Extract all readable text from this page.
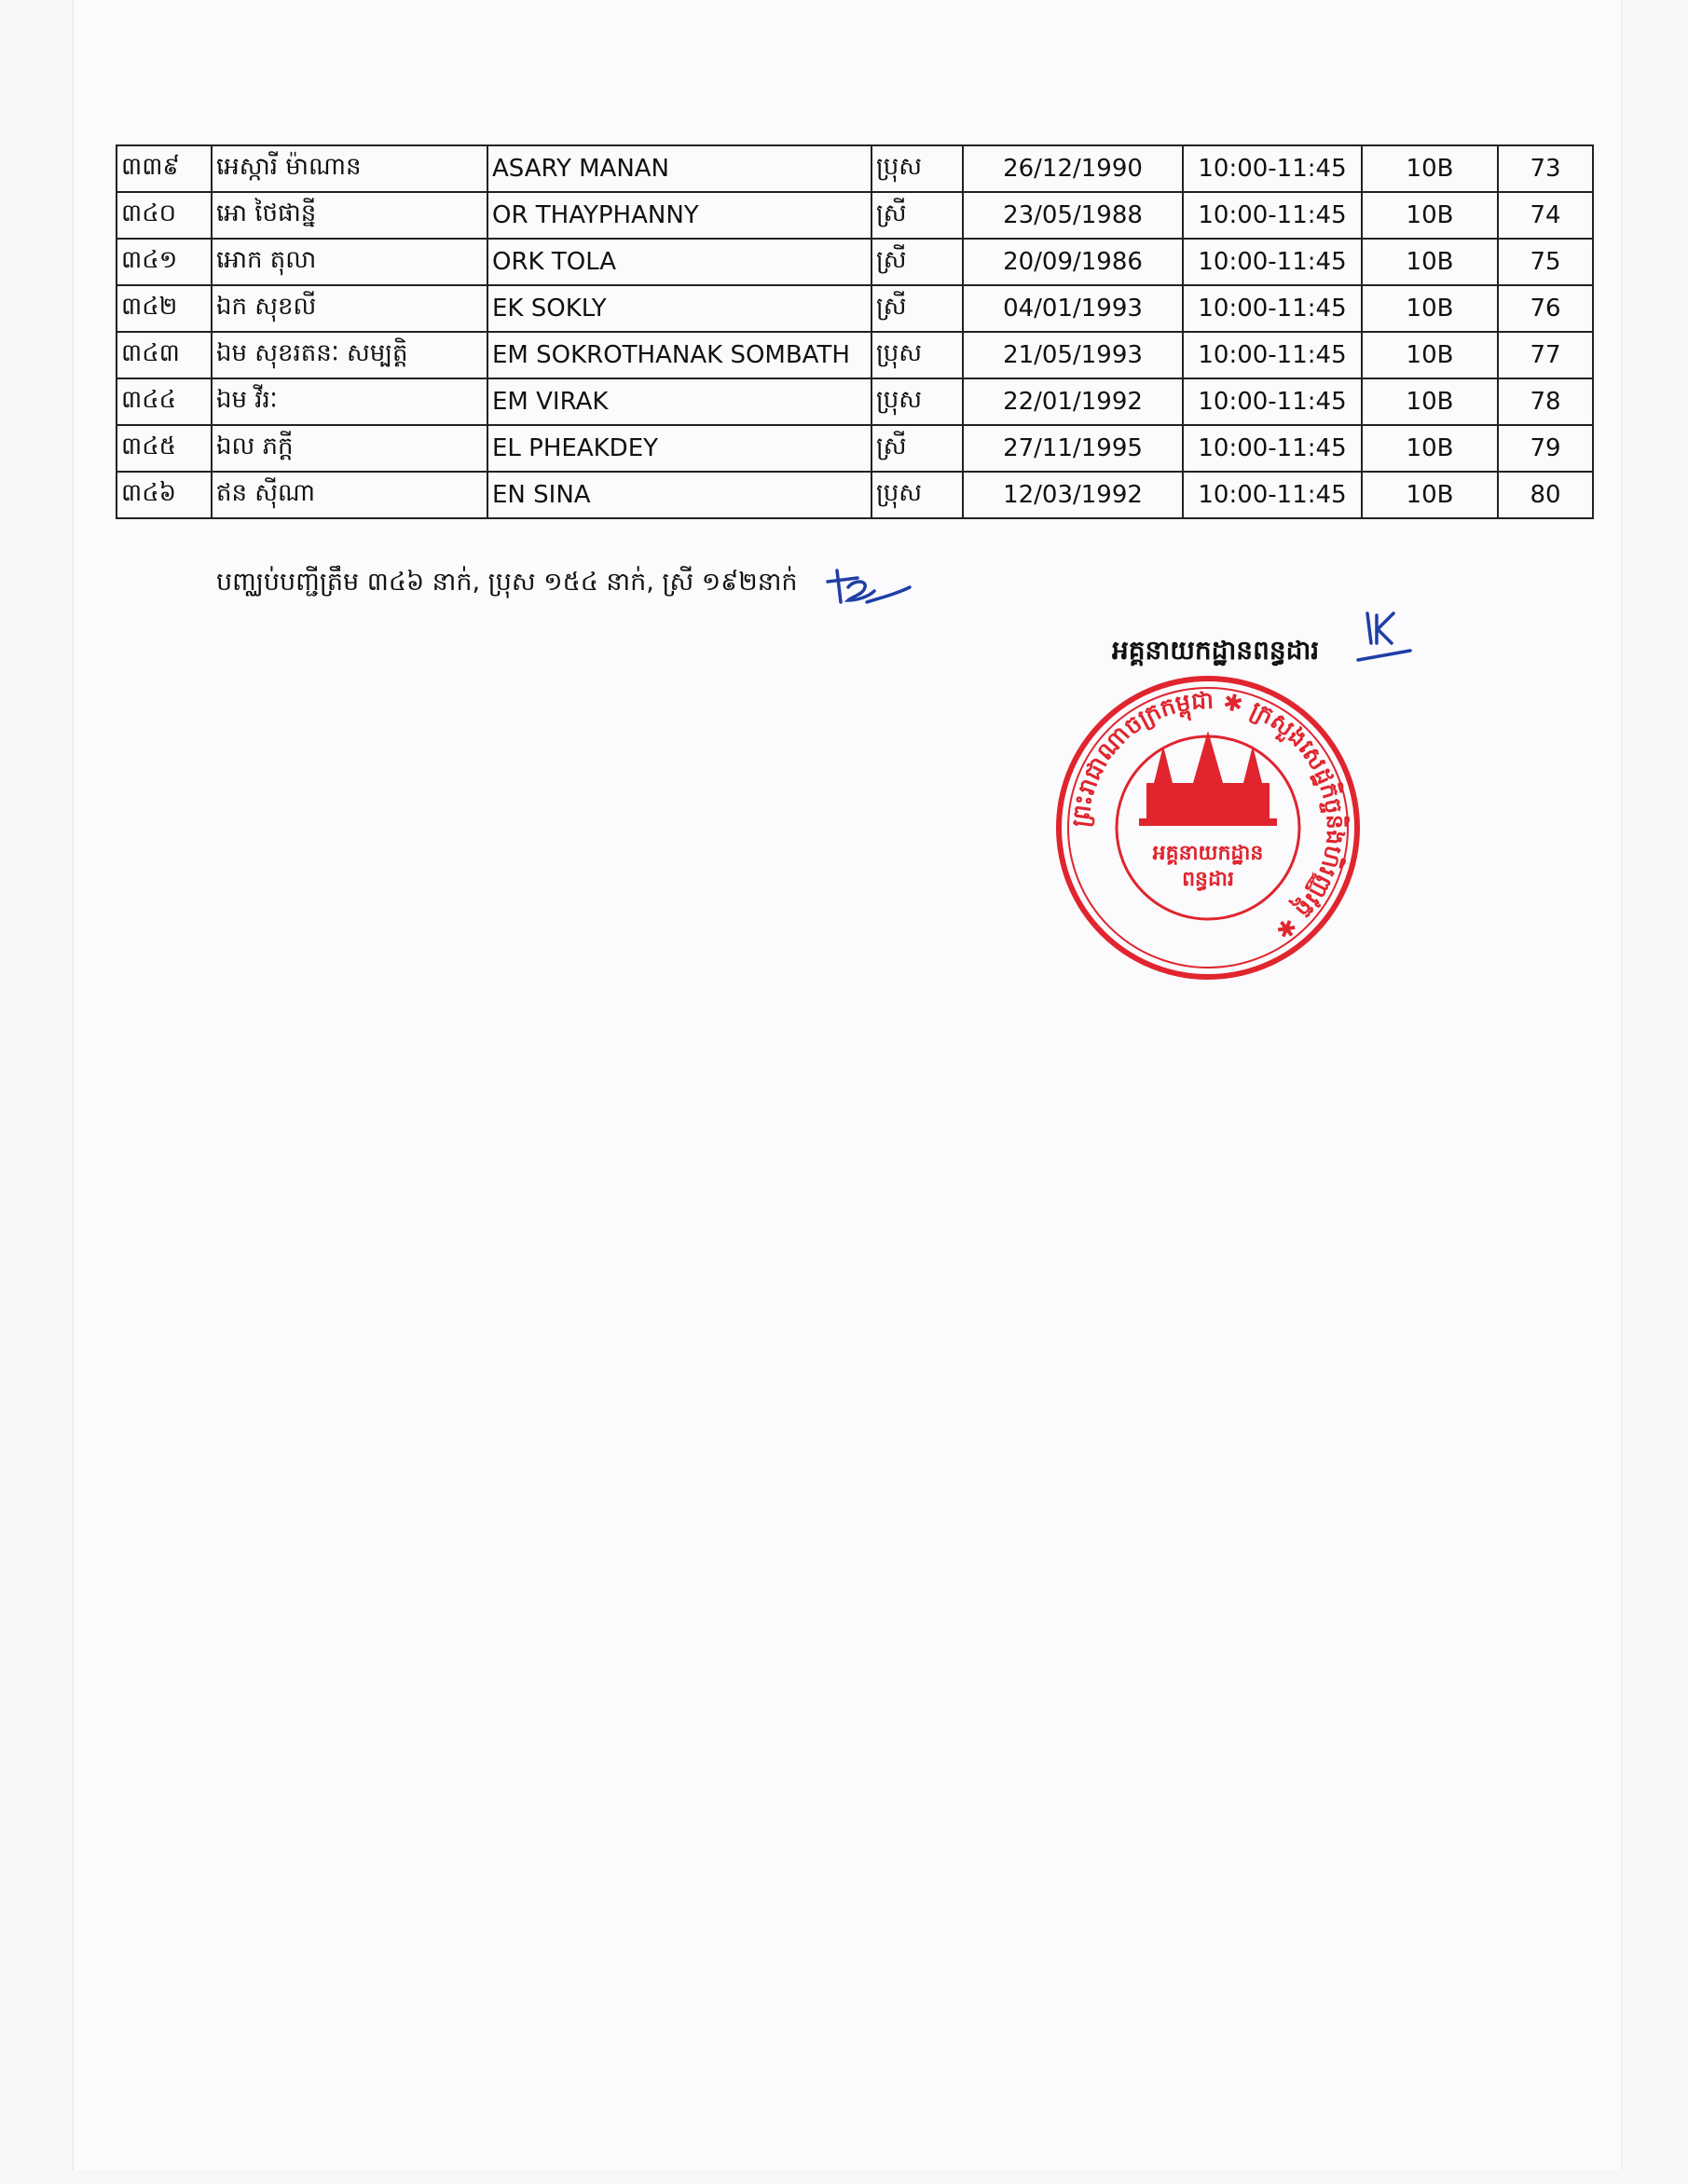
៣៣៩	អេស្ការី ម៉ាណាន	ASARY MANAN	ប្រុស	26/12/1990	10:00-11:45	10B	73
៣៤០	អោ ថៃផាន្នី	OR THAYPHANNY	ស្រី	23/05/1988	10:00-11:45	10B	74
៣៤១	អោក តុលា	ORK TOLA	ស្រី	20/09/1986	10:00-11:45	10B	75
៣៤២	ឯក សុខលី	EK SOKLY	ស្រី	04/01/1993	10:00-11:45	10B	76
៣៤៣	ឯម សុខរតនៈ សម្បត្តិ	EM SOKROTHANAK SOMBATH	ប្រុស	21/05/1993	10:00-11:45	10B	77
៣៤៤	ឯម វីរៈ	EM VIRAK	ប្រុស	22/01/1992	10:00-11:45	10B	78
៣៤៥	ឯល ភក្តី	EL PHEAKDEY	ស្រី	27/11/1995	10:00-11:45	10B	79
៣៤៦	ឥន ស៊ីណា	EN SINA	ប្រុស	12/03/1992	10:00-11:45	10B	80
បញ្ឈប់បញ្ជីត្រឹម ៣៤៦ នាក់, ប្រុស ១៥៤ នាក់, ស្រី ១៩២នាក់
អគ្គនាយកដ្ឋានពន្ធដារ
ព្រះរាជាណាចក្រកម្ពុជា ✱ ក្រសួងសេដ្ឋកិច្ចនិងហិរញ្ញវត្ថុ ✱
អគ្គនាយកដ្ឋាន
ពន្ធដារ
